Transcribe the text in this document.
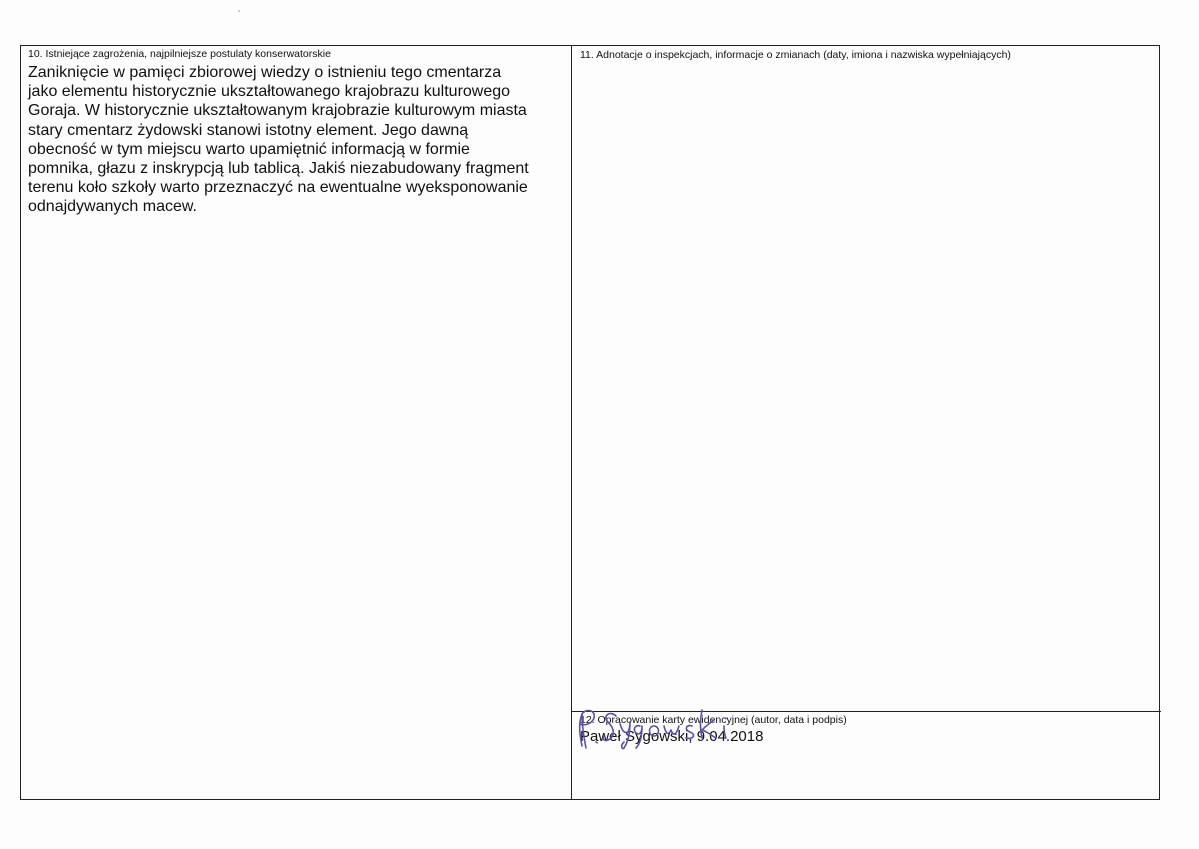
10. Istniejące zagrożenia, najpilniejsze postulaty konserwatorskie
Zaniknięcie w pamięci zbiorowej wiedzy o istnieniu tego cmentarza
jako elementu historycznie ukształtowanego krajobrazu kulturowego
Goraja. W historycznie ukształtowanym krajobrazie kulturowym miasta
stary cmentarz żydowski stanowi istotny element. Jego dawną
obecność w tym miejscu warto upamiętnić informacją w formie
pomnika, głazu z inskrypcją lub tablicą. Jakiś niezabudowany fragment
terenu koło szkoły warto przeznaczyć na ewentualne wyeksponowanie
odnajdywanych macew.
11. Adnotacje o inspekcjach, informacje o zmianach (daty, imiona i nazwiska wypełniających)
12. Opracowanie karty ewidencyjnej (autor, data i podpis)
Paweł Sygowski, 9.04.2018
